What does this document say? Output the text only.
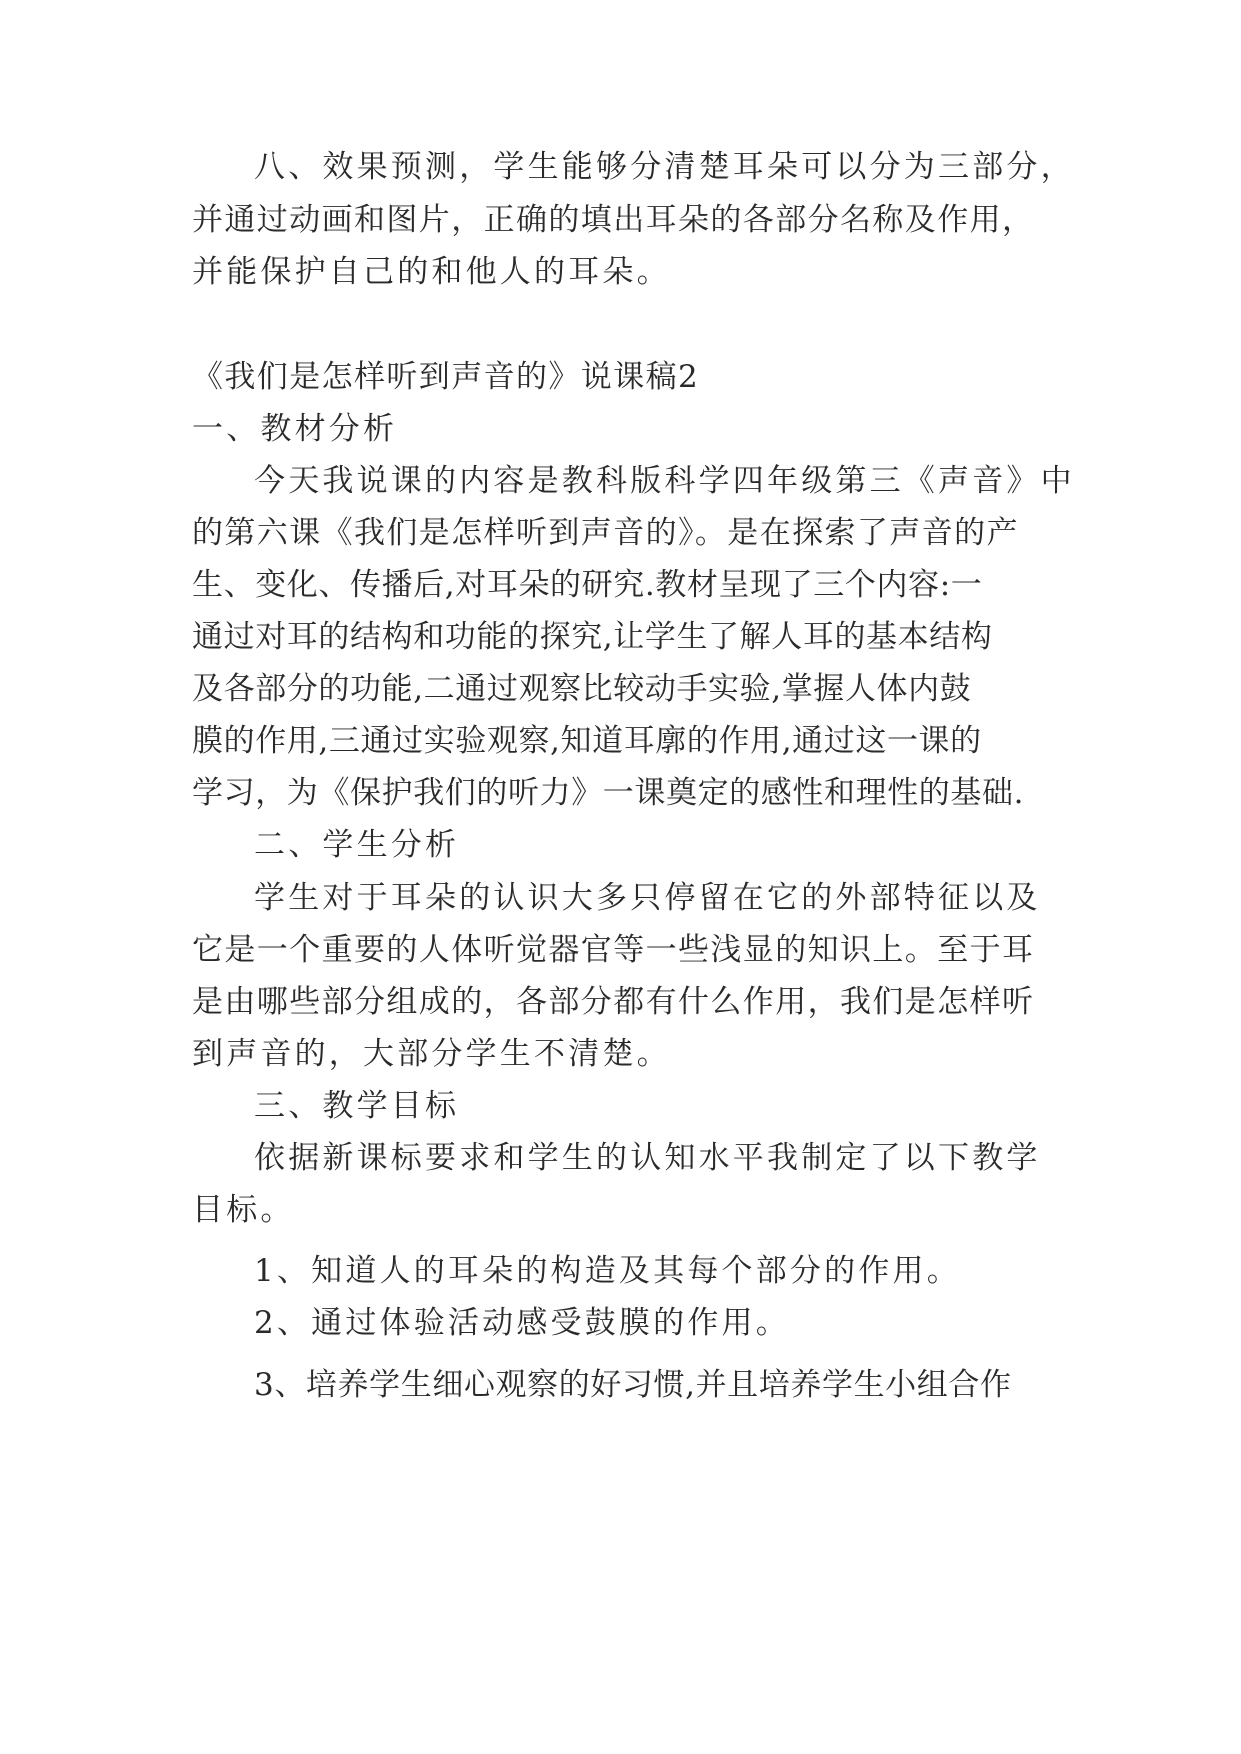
八、效果预测，学生能够分清楚耳朵可以分为三部分，
并通过动画和图片，正确的填出耳朵的各部分名称及作用，
并能保护自己的和他人的耳朵。
《我们是怎样听到声音的》说课稿2
一、教材分析
今天我说课的内容是教科版科学四年级第三《声音》中
的第六课《我们是怎样听到声音的》。是在探索了声音的产
生、变化、传播后,对耳朵的研究.教材呈现了三个内容:一
通过对耳的结构和功能的探究,让学生了解人耳的基本结构
及各部分的功能,二通过观察比较动手实验,掌握人体内鼓
膜的作用,三通过实验观察,知道耳廓的作用,通过这一课的
学习，为《保护我们的听力》一课奠定的感性和理性的基础.
二、学生分析
学生对于耳朵的认识大多只停留在它的外部特征以及
它是一个重要的人体听觉器官等一些浅显的知识上。至于耳
是由哪些部分组成的，各部分都有什么作用，我们是怎样听
到声音的，大部分学生不清楚。
三、教学目标
依据新课标要求和学生的认知水平我制定了以下教学
目标。
1、知道人的耳朵的构造及其每个部分的作用。
2、通过体验活动感受鼓膜的作用。
3、培养学生细心观察的好习惯,并且培养学生小组合作
